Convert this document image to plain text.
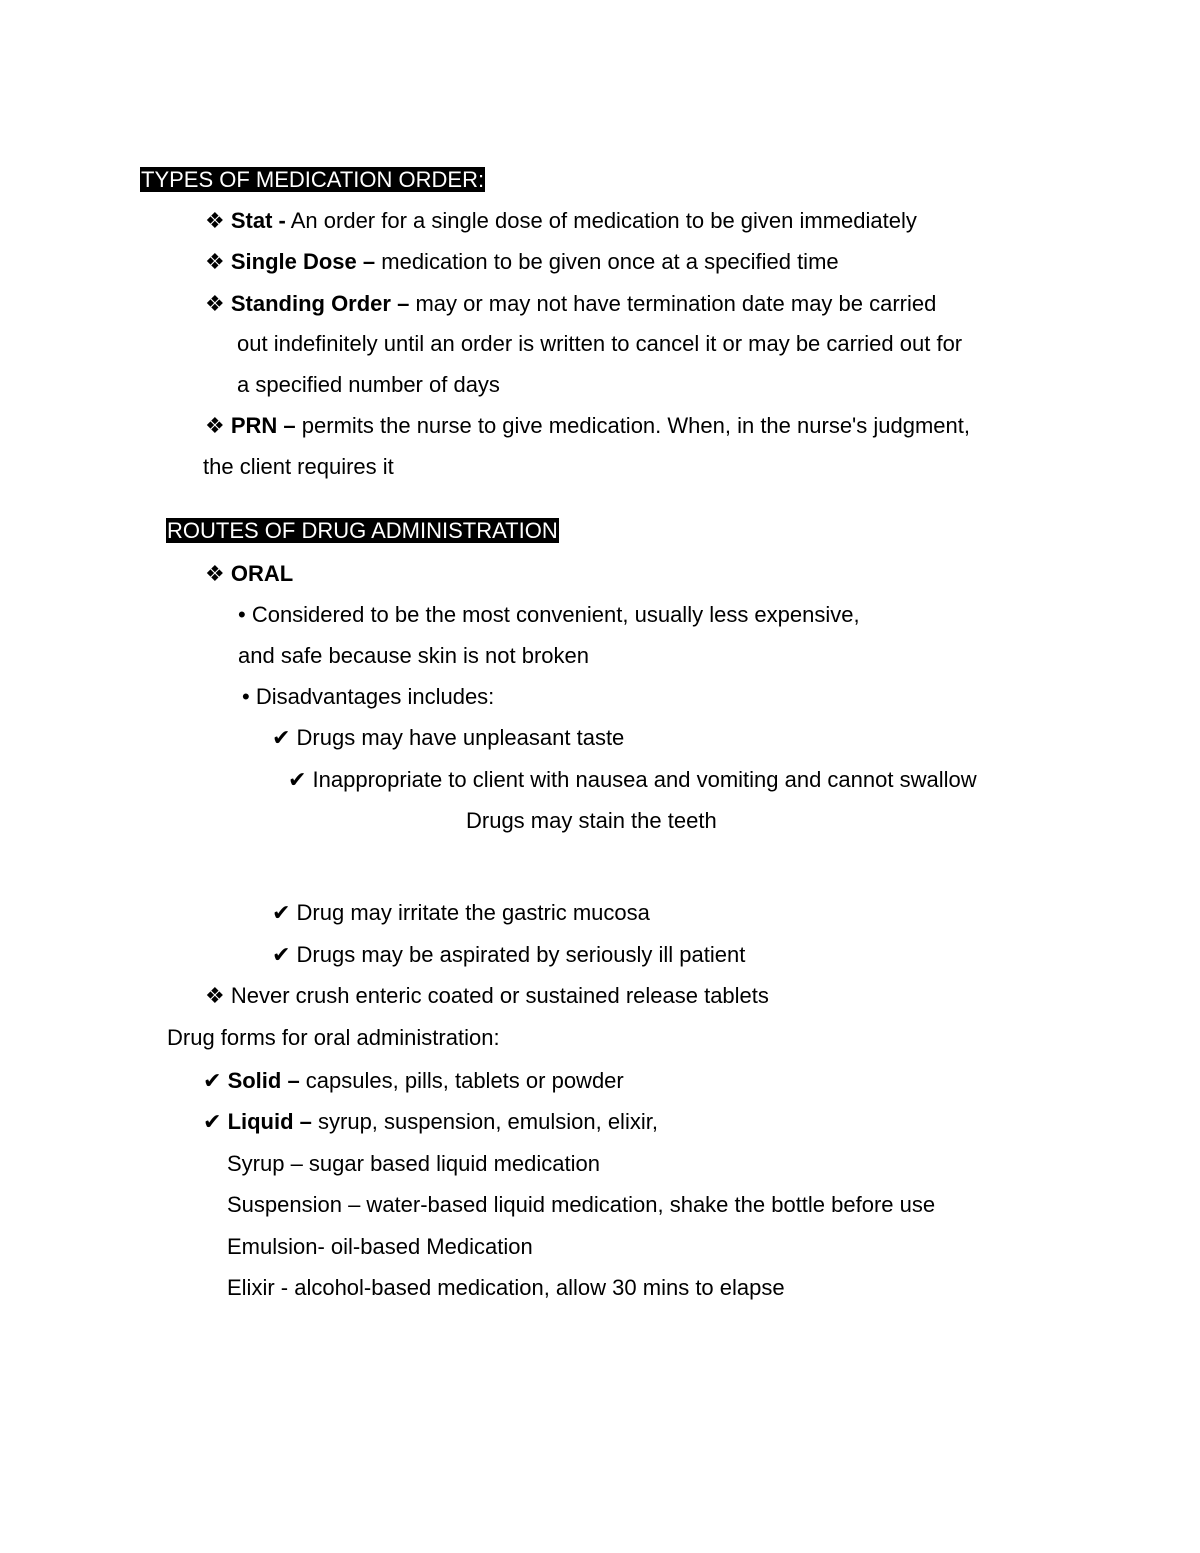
TYPES OF MEDICATION ORDER:
❖ Stat - An order for a single dose of medication to be given immediately
❖ Single Dose – medication to be given once at a specified time
❖ Standing Order – may or may not have termination date may be carried
out indefinitely until an order is written to cancel it or may be carried out for
a specified number of days
❖ PRN – permits the nurse to give medication. When, in the nurse's judgment,
the client requires it
ROUTES OF DRUG ADMINISTRATION
❖ ORAL
• Considered to be the most convenient, usually less expensive,
and safe because skin is not broken
• Disadvantages includes:
✔ Drugs may have unpleasant taste
✔ Inappropriate to client with nausea and vomiting and cannot swallow
Drugs may stain the teeth
✔ Drug may irritate the gastric mucosa
✔ Drugs may be aspirated by seriously ill patient
❖ Never crush enteric coated or sustained release tablets
Drug forms for oral administration:
✔ Solid – capsules, pills, tablets or powder
✔ Liquid – syrup, suspension, emulsion, elixir,
Syrup – sugar based liquid medication
Suspension – water-based liquid medication, shake the bottle before use
Emulsion- oil-based Medication
Elixir - alcohol-based medication, allow 30 mins to elapse
